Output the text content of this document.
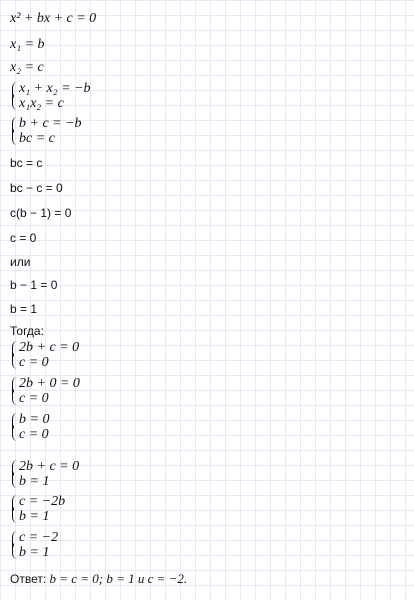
x² + bx + c = 0
x₁ = b
x₂ = c
x₁ + x₂ = −b
x₁x₂ = c
b + c = −b
bc = c
bc = c
bc − c = 0
c(b − 1) = 0
c = 0
или
b − 1 = 0
b = 1
Тогда:
2b + c = 0
c = 0
2b + 0 = 0
c = 0
b = 0
c = 0
2b + c = 0
b = 1
c = −2b
b = 1
c = −2
b = 1
Ответ: b = c = 0; b = 1 и c = −2.
